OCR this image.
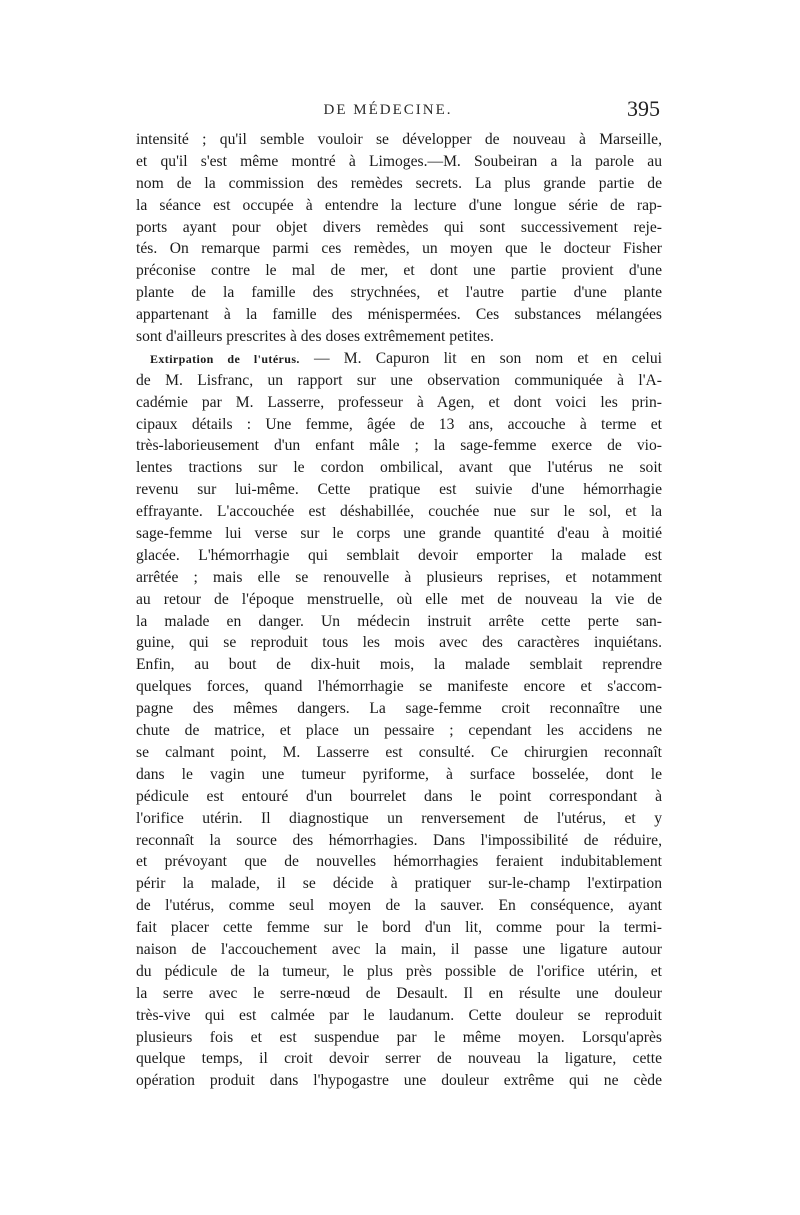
DE MÉDECINE.	395
intensité ; qu'il semble vouloir se développer de nouveau à Marseille,
et qu'il s'est même montré à Limoges.—M. Soubeiran a la parole au
nom de la commission des remèdes secrets. La plus grande partie de
la séance est occupée à entendre la lecture d'une longue série de rap-
ports ayant pour objet divers remèdes qui sont successivement reje-
tés. On remarque parmi ces remèdes, un moyen que le docteur Fisher
préconise contre le mal de mer, et dont une partie provient d'une
plante de la famille des strychnées, et l'autre partie d'une plante
appartenant à la famille des ménispermées. Ces substances mélangées
sont d'ailleurs prescrites à des doses extrêmement petites.
Extirpation de l'utérus. — M. Capuron lit en son nom et en celui
de M. Lisfranc, un rapport sur une observation communiquée à l'A-
cadémie par M. Lasserre, professeur à Agen, et dont voici les prin-
cipaux détails : Une femme, âgée de 13 ans, accouche à terme et
très-laborieusement d'un enfant mâle ; la sage-femme exerce de vio-
lentes tractions sur le cordon ombilical, avant que l'utérus ne soit
revenu sur lui-même. Cette pratique est suivie d'une hémorrhagie
effrayante. L'accouchée est déshabillée, couchée nue sur le sol, et la
sage-femme lui verse sur le corps une grande quantité d'eau à moitié
glacée. L'hémorrhagie qui semblait devoir emporter la malade est
arrêtée ; mais elle se renouvelle à plusieurs reprises, et notamment
au retour de l'époque menstruelle, où elle met de nouveau la vie de
la malade en danger. Un médecin instruit arrête cette perte san-
guine, qui se reproduit tous les mois avec des caractères inquiétans.
Enfin, au bout de dix-huit mois, la malade semblait reprendre
quelques forces, quand l'hémorrhagie se manifeste encore et s'accom-
pagne des mêmes dangers. La sage-femme croit reconnaître une
chute de matrice, et place un pessaire ; cependant les accidens ne
se calmant point, M. Lasserre est consulté. Ce chirurgien reconnaît
dans le vagin une tumeur pyriforme, à surface bosselée, dont le
pédicule est entouré d'un bourrelet dans le point correspondant à
l'orifice utérin. Il diagnostique un renversement de l'utérus, et y
reconnaît la source des hémorrhagies. Dans l'impossibilité de réduire,
et prévoyant que de nouvelles hémorrhagies feraient indubitablement
périr la malade, il se décide à pratiquer sur-le-champ l'extirpation
de l'utérus, comme seul moyen de la sauver. En conséquence, ayant
fait placer cette femme sur le bord d'un lit, comme pour la termi-
naison de l'accouchement avec la main, il passe une ligature autour
du pédicule de la tumeur, le plus près possible de l'orifice utérin, et
la serre avec le serre-nœud de Desault. Il en résulte une douleur
très-vive qui est calmée par le laudanum. Cette douleur se reproduit
plusieurs fois et est suspendue par le même moyen. Lorsqu'après
quelque temps, il croit devoir serrer de nouveau la ligature, cette
opération produit dans l'hypogastre une douleur extrême qui ne cède
